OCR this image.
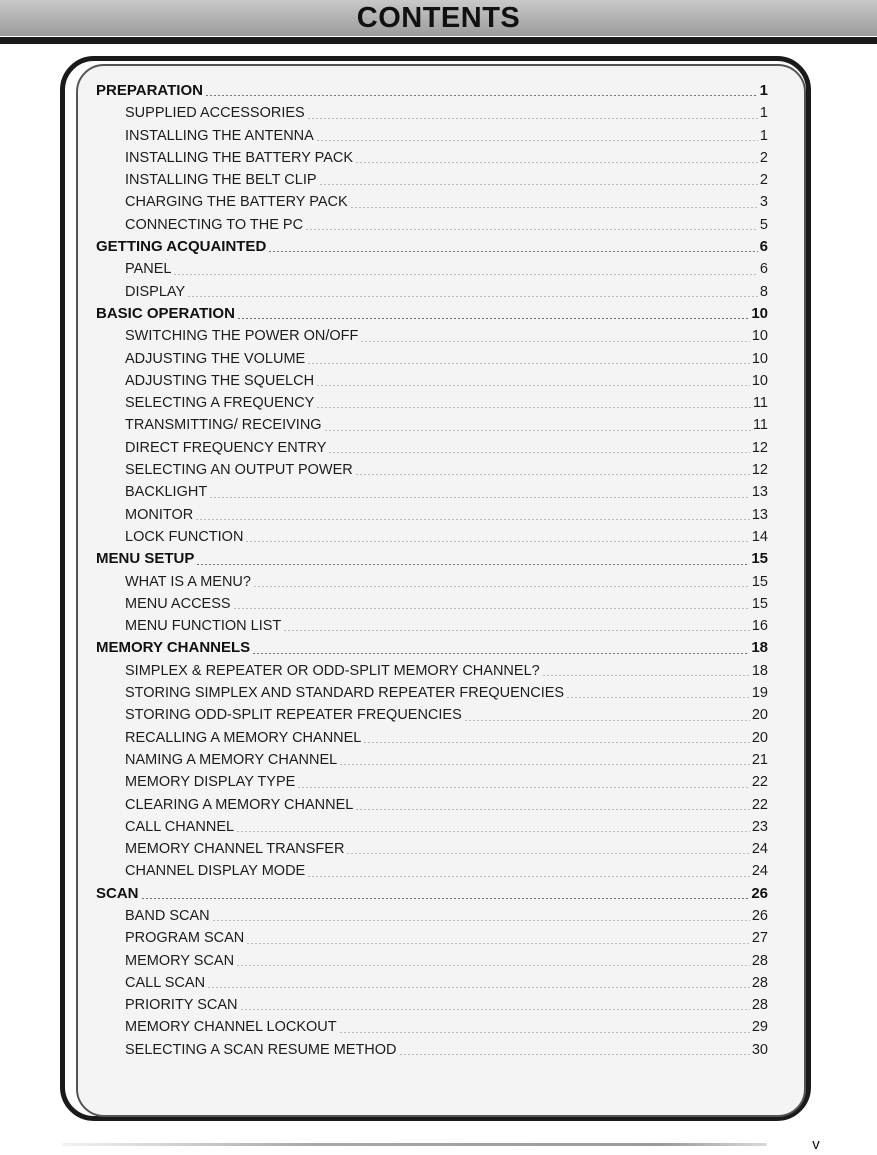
CONTENTS
PREPARATION	1
SUPPLIED ACCESSORIES	1
INSTALLING THE ANTENNA	1
INSTALLING THE BATTERY PACK	2
INSTALLING THE BELT CLIP	2
CHARGING THE BATTERY PACK	3
CONNECTING TO THE PC	5
GETTING ACQUAINTED	6
PANEL	6
DISPLAY	8
BASIC OPERATION	10
SWITCHING THE POWER ON/OFF	10
ADJUSTING THE VOLUME	10
ADJUSTING THE SQUELCH	10
SELECTING A FREQUENCY	11
TRANSMITTING/ RECEIVING	11
DIRECT FREQUENCY ENTRY	12
SELECTING AN OUTPUT POWER	12
BACKLIGHT	13
MONITOR	13
LOCK FUNCTION	14
MENU SETUP	15
WHAT IS A MENU?	15
MENU ACCESS	15
MENU FUNCTION LIST	16
MEMORY CHANNELS	18
SIMPLEX & REPEATER OR ODD-SPLIT MEMORY CHANNEL?	18
STORING SIMPLEX AND STANDARD REPEATER FREQUENCIES	19
STORING ODD-SPLIT REPEATER FREQUENCIES	20
RECALLING A MEMORY CHANNEL	20
NAMING A MEMORY CHANNEL	21
MEMORY DISPLAY TYPE	22
CLEARING A MEMORY CHANNEL	22
CALL CHANNEL	23
MEMORY CHANNEL TRANSFER	24
CHANNEL DISPLAY MODE	24
SCAN	26
BAND SCAN	26
PROGRAM SCAN	27
MEMORY SCAN	28
CALL SCAN	28
PRIORITY SCAN	28
MEMORY CHANNEL LOCKOUT	29
SELECTING A SCAN RESUME METHOD	30
v
